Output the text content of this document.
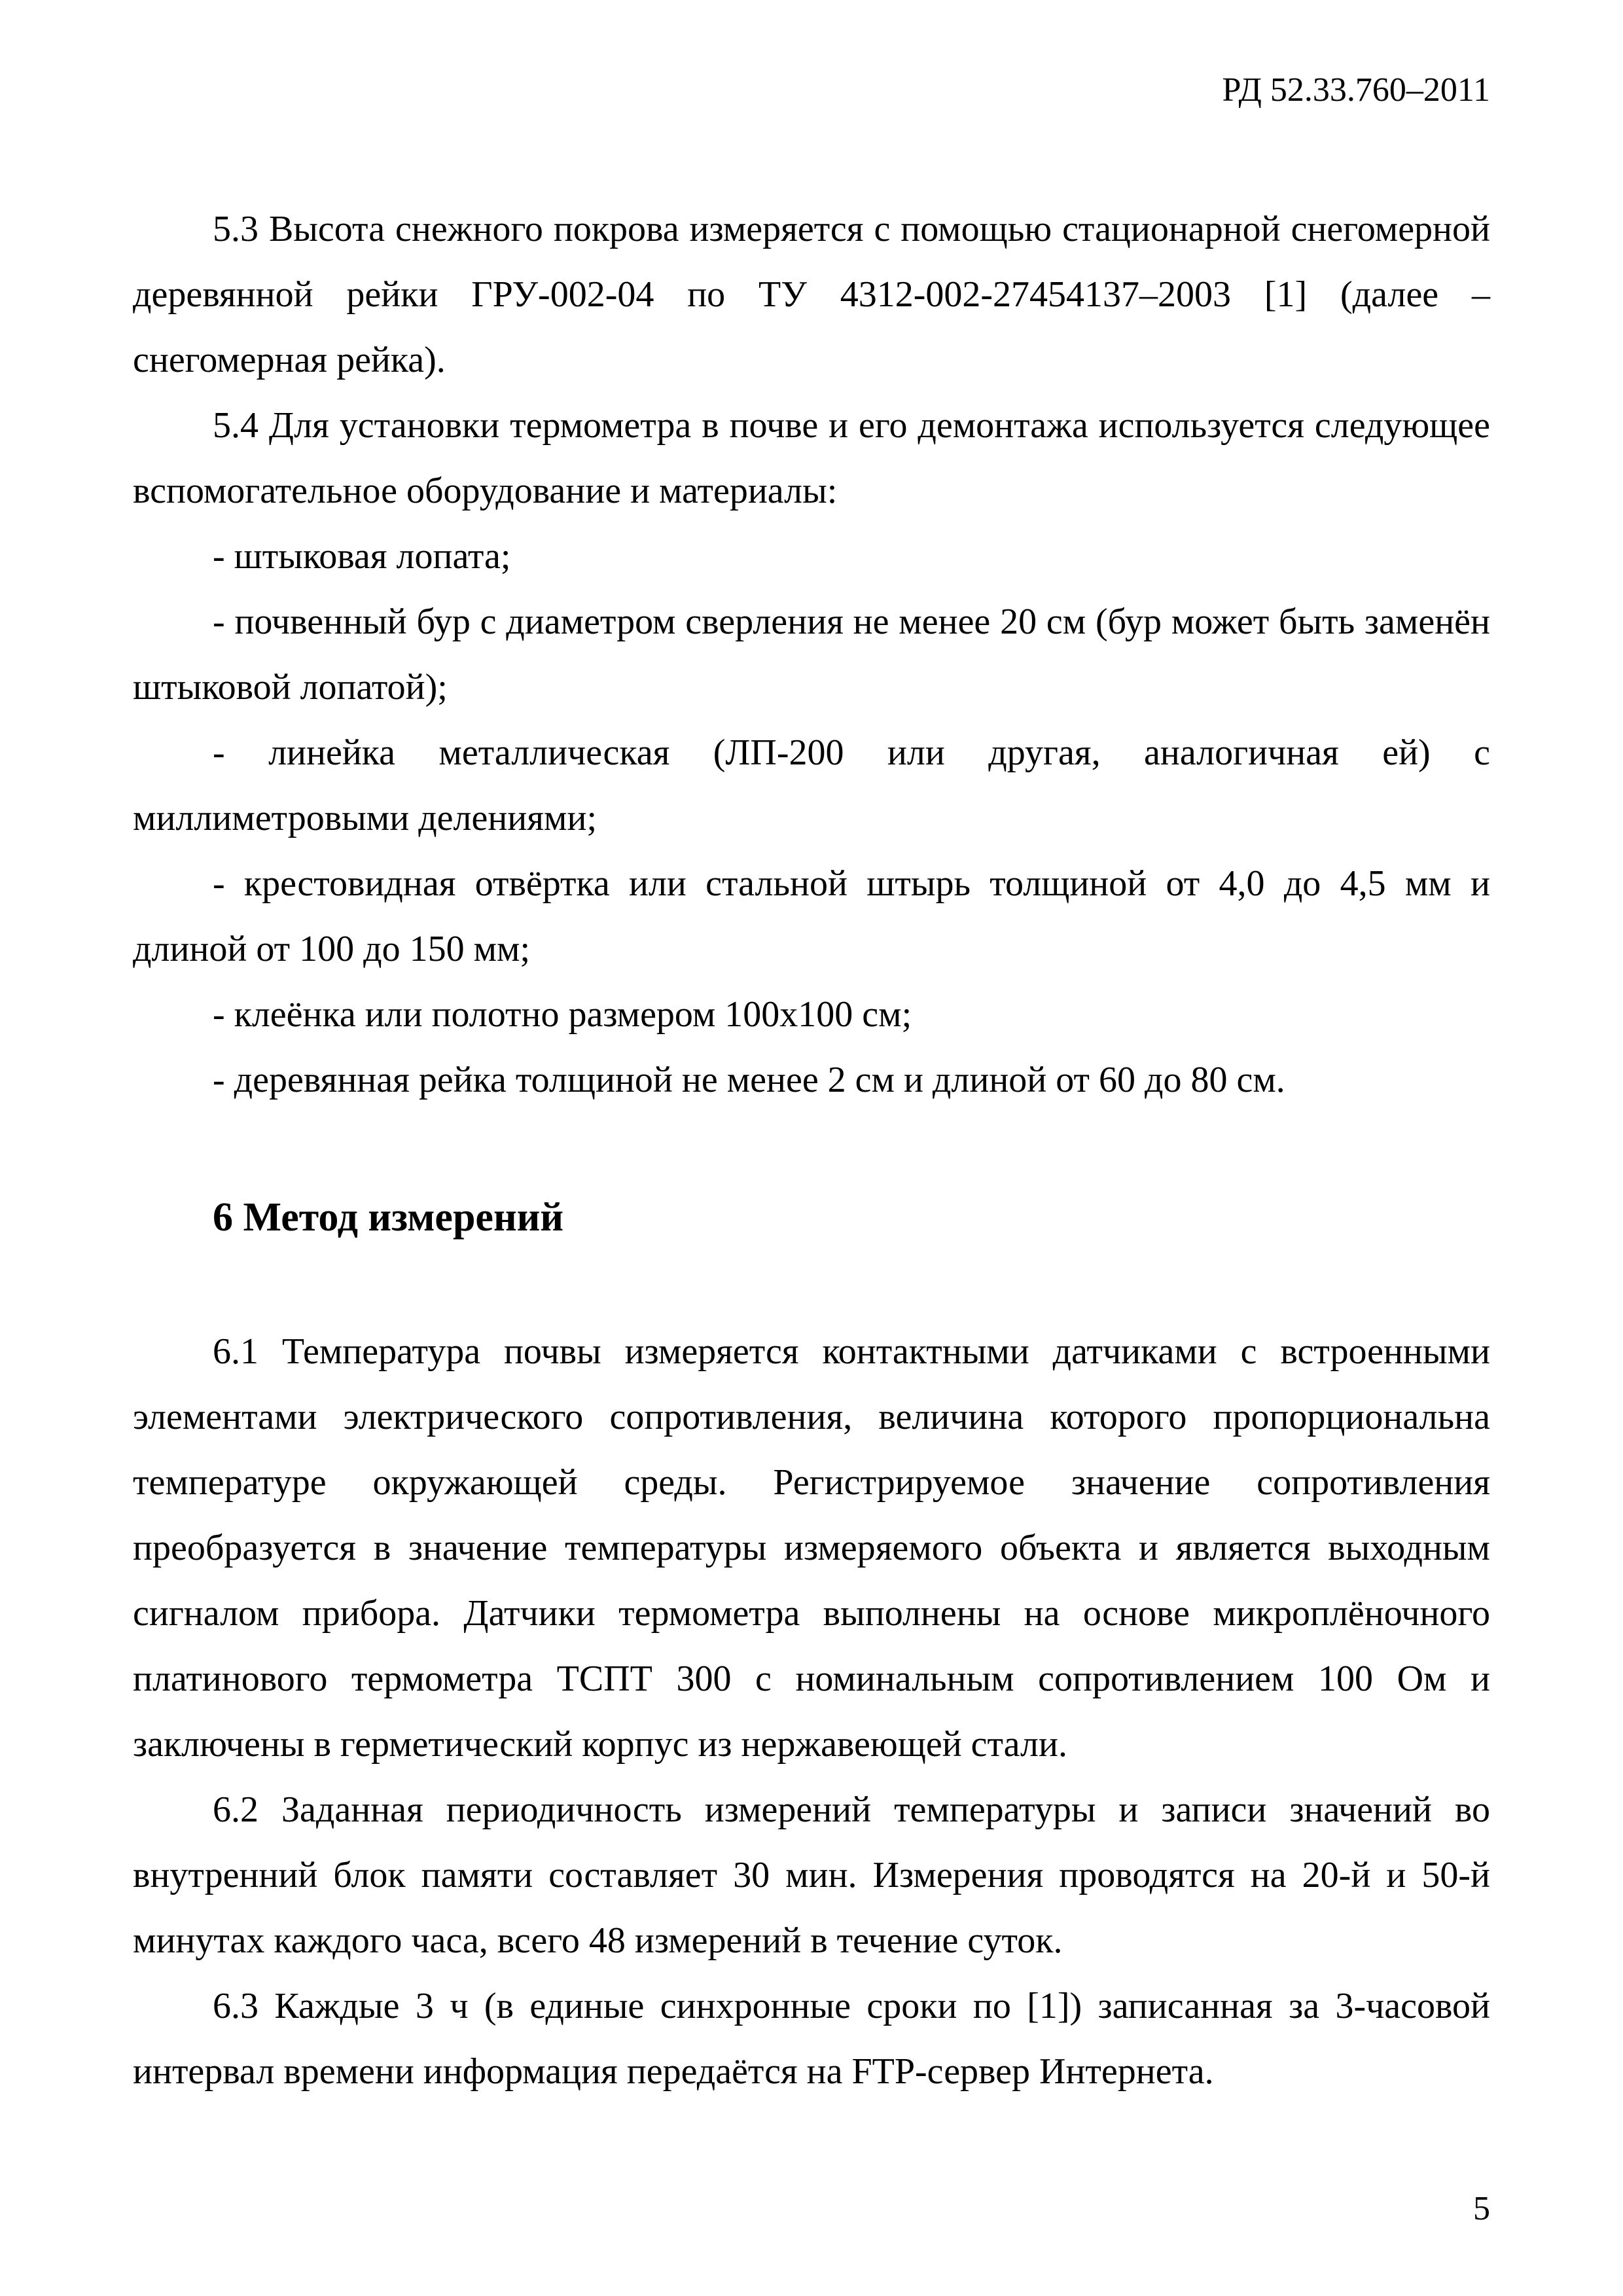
РД 52.33.760–2011

5.3 Высота снежного покрова измеряется с помощью стационарной снегомерной деревянной рейки ГРУ-002-04 по ТУ 4312-002-27454137–2003 [1] (далее – снегомерная рейка).

5.4 Для установки термометра в почве и его демонтажа используется следующее вспомогательное оборудование и материалы:

- штыковая лопата;

- почвенный бур с диаметром сверления не менее 20 см (бур может быть заменён штыковой лопатой);

- линейка металлическая (ЛП-200 или другая, аналогичная ей) с миллиметровыми делениями;

- крестовидная отвёртка или стальной штырь толщиной от 4,0 до 4,5 мм и длиной от 100 до 150 мм;

- клеёнка или полотно размером 100х100 см;

- деревянная рейка толщиной не менее 2 см и длиной от 60 до 80 см.

6 Метод измерений

6.1 Температура почвы измеряется контактными датчиками с встроенными элементами электрического сопротивления, величина которого пропорциональна температуре окружающей среды. Регистрируемое значение сопротивления преобразуется в значение температуры измеряемого объекта и является выходным сигналом прибора. Датчики термометра выполнены на основе микроплёночного платинового термометра ТСПТ 300 с номинальным сопротивлением 100 Ом и заключены в герметический корпус из нержавеющей стали.

6.2 Заданная периодичность измерений температуры и записи значений во внутренний блок памяти составляет 30 мин. Измерения проводятся на 20-й и 50-й минутах каждого часа, всего 48 измерений в течение суток.

6.3 Каждые 3 ч (в единые синхронные сроки по [1]) записанная за 3-часовой интервал времени информация передаётся на FTP-сервер Интернета.

5
